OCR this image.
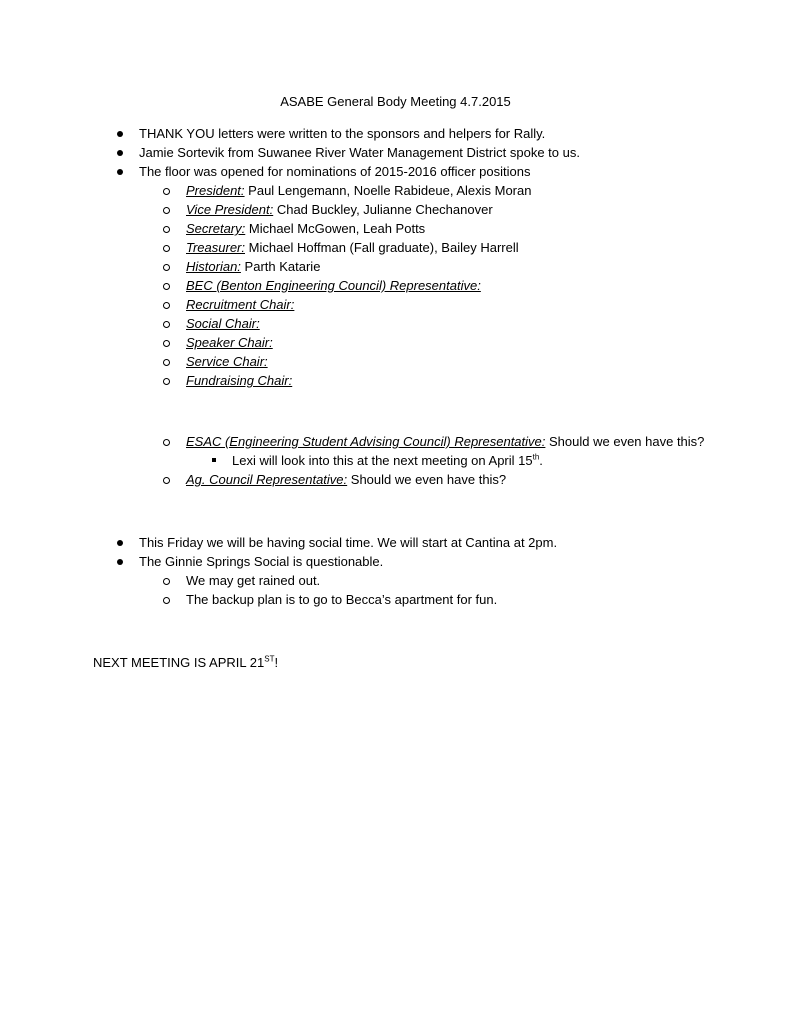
ASABE General Body Meeting 4.7.2015
THANK YOU letters were written to the sponsors and helpers for Rally.
Jamie Sortevik from Suwanee River Water Management District spoke to us.
The floor was opened for nominations of 2015-2016 officer positions
President: Paul Lengemann, Noelle Rabideue, Alexis Moran
Vice President: Chad Buckley, Julianne Chechanover
Secretary: Michael McGowen, Leah Potts
Treasurer: Michael Hoffman (Fall graduate), Bailey Harrell
Historian: Parth Katarie
BEC (Benton Engineering Council) Representative:
Recruitment Chair:
Social Chair:
Speaker Chair:
Service Chair:
Fundraising Chair:
ESAC (Engineering Student Advising Council) Representative: Should we even have this?
Lexi will look into this at the next meeting on April 15th.
Ag. Council Representative: Should we even have this?
This Friday we will be having social time. We will start at Cantina at 2pm.
The Ginnie Springs Social is questionable.
We may get rained out.
The backup plan is to go to Becca’s apartment for fun.
NEXT MEETING IS APRIL 21ST!
